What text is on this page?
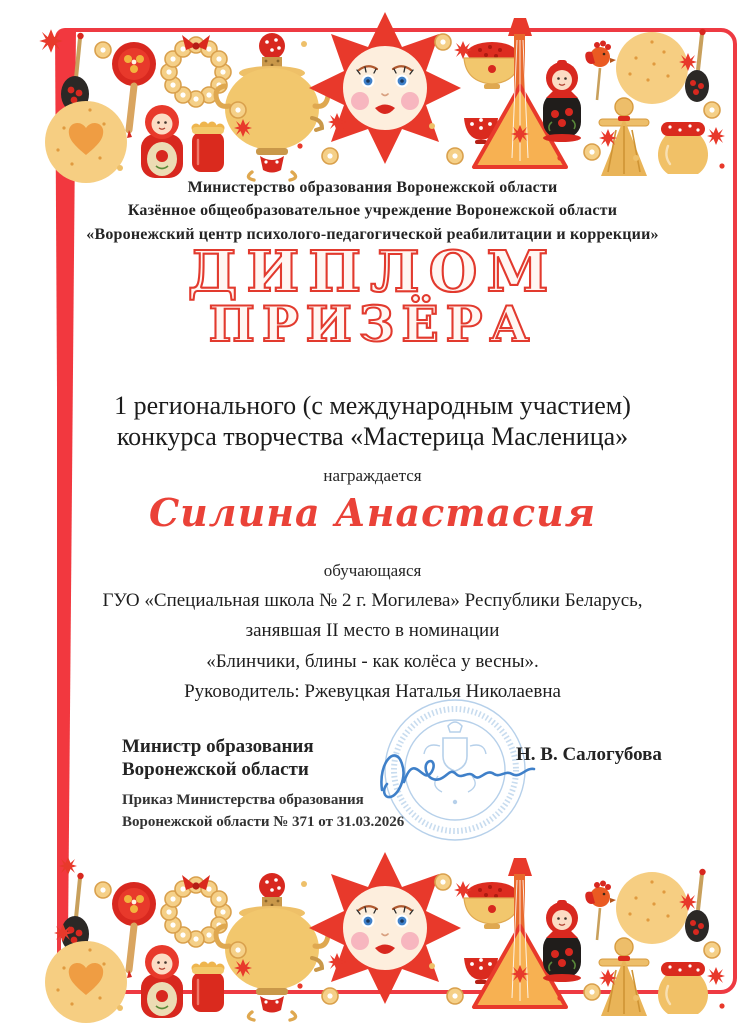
Министерство образования Воронежской области
Казённое общеобразовательное учреждение Воронежской области
«Воронежский центр психолого-педагогической реабилитации и коррекции»
ДИПЛОМ
ПРИЗЁРА
1 регионального (с международным участием)
конкурса творчества «Мастерица Масленица»
награждается
Силина Анастасия
обучающаяся
ГУО «Специальная школа № 2 г. Могилева» Республики Беларусь,
занявшая II место в номинации
«Блинчики, блины - как колёса у весны».
Руководитель: Ржевуцкая Наталья Николаевна
Министр образования
Воронежской области
Приказ Министерства образования
Воронежской области № 371 от 31.03.2026
Н. В. Салогубова
